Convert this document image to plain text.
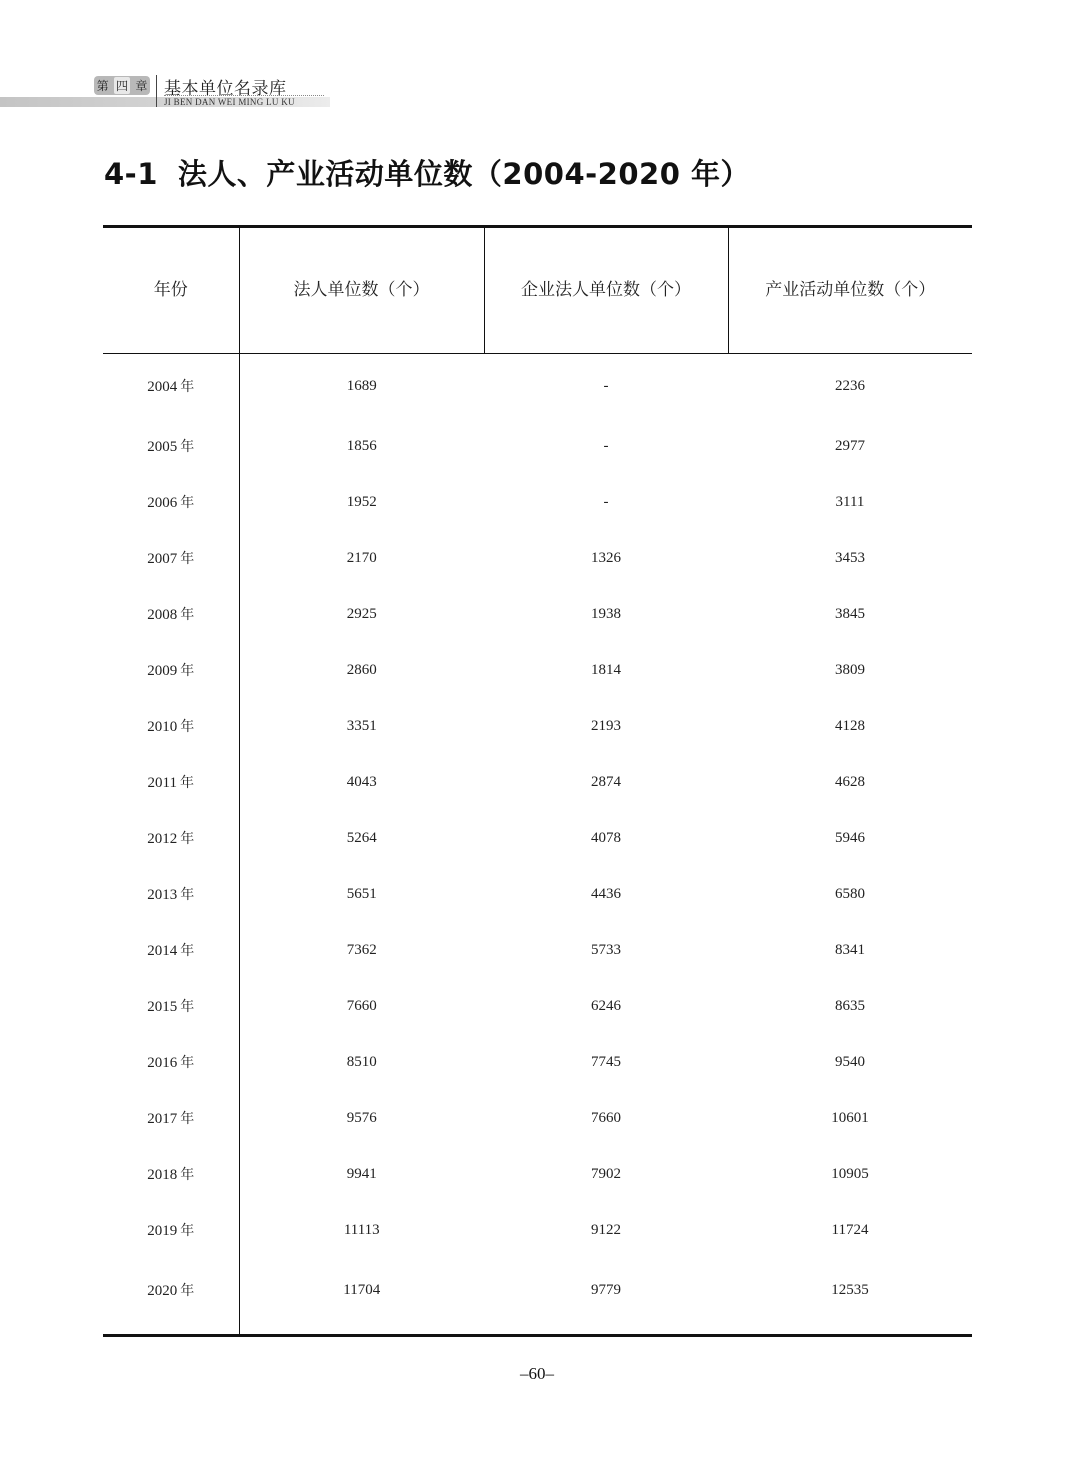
第 四 章 基本单位名录库
JI BEN DAN WEI MING LU KU
4-1 法人、产业活动单位数（2004-2020 年）
年份	法人单位数（个）	企业法人单位数（个）	产业活动单位数（个）
2004 年	1689	-	2236
2005 年	1856	-	2977
2006 年	1952	-	3111
2007 年	2170	1326	3453
2008 年	2925	1938	3845
2009 年	2860	1814	3809
2010 年	3351	2193	4128
2011 年	4043	2874	4628
2012 年	5264	4078	5946
2013 年	5651	4436	6580
2014 年	7362	5733	8341
2015 年	7660	6246	8635
2016 年	8510	7745	9540
2017 年	9576	7660	10601
2018 年	9941	7902	10905
2019 年	11113	9122	11724
2020 年	11704	9779	12535
–60–
